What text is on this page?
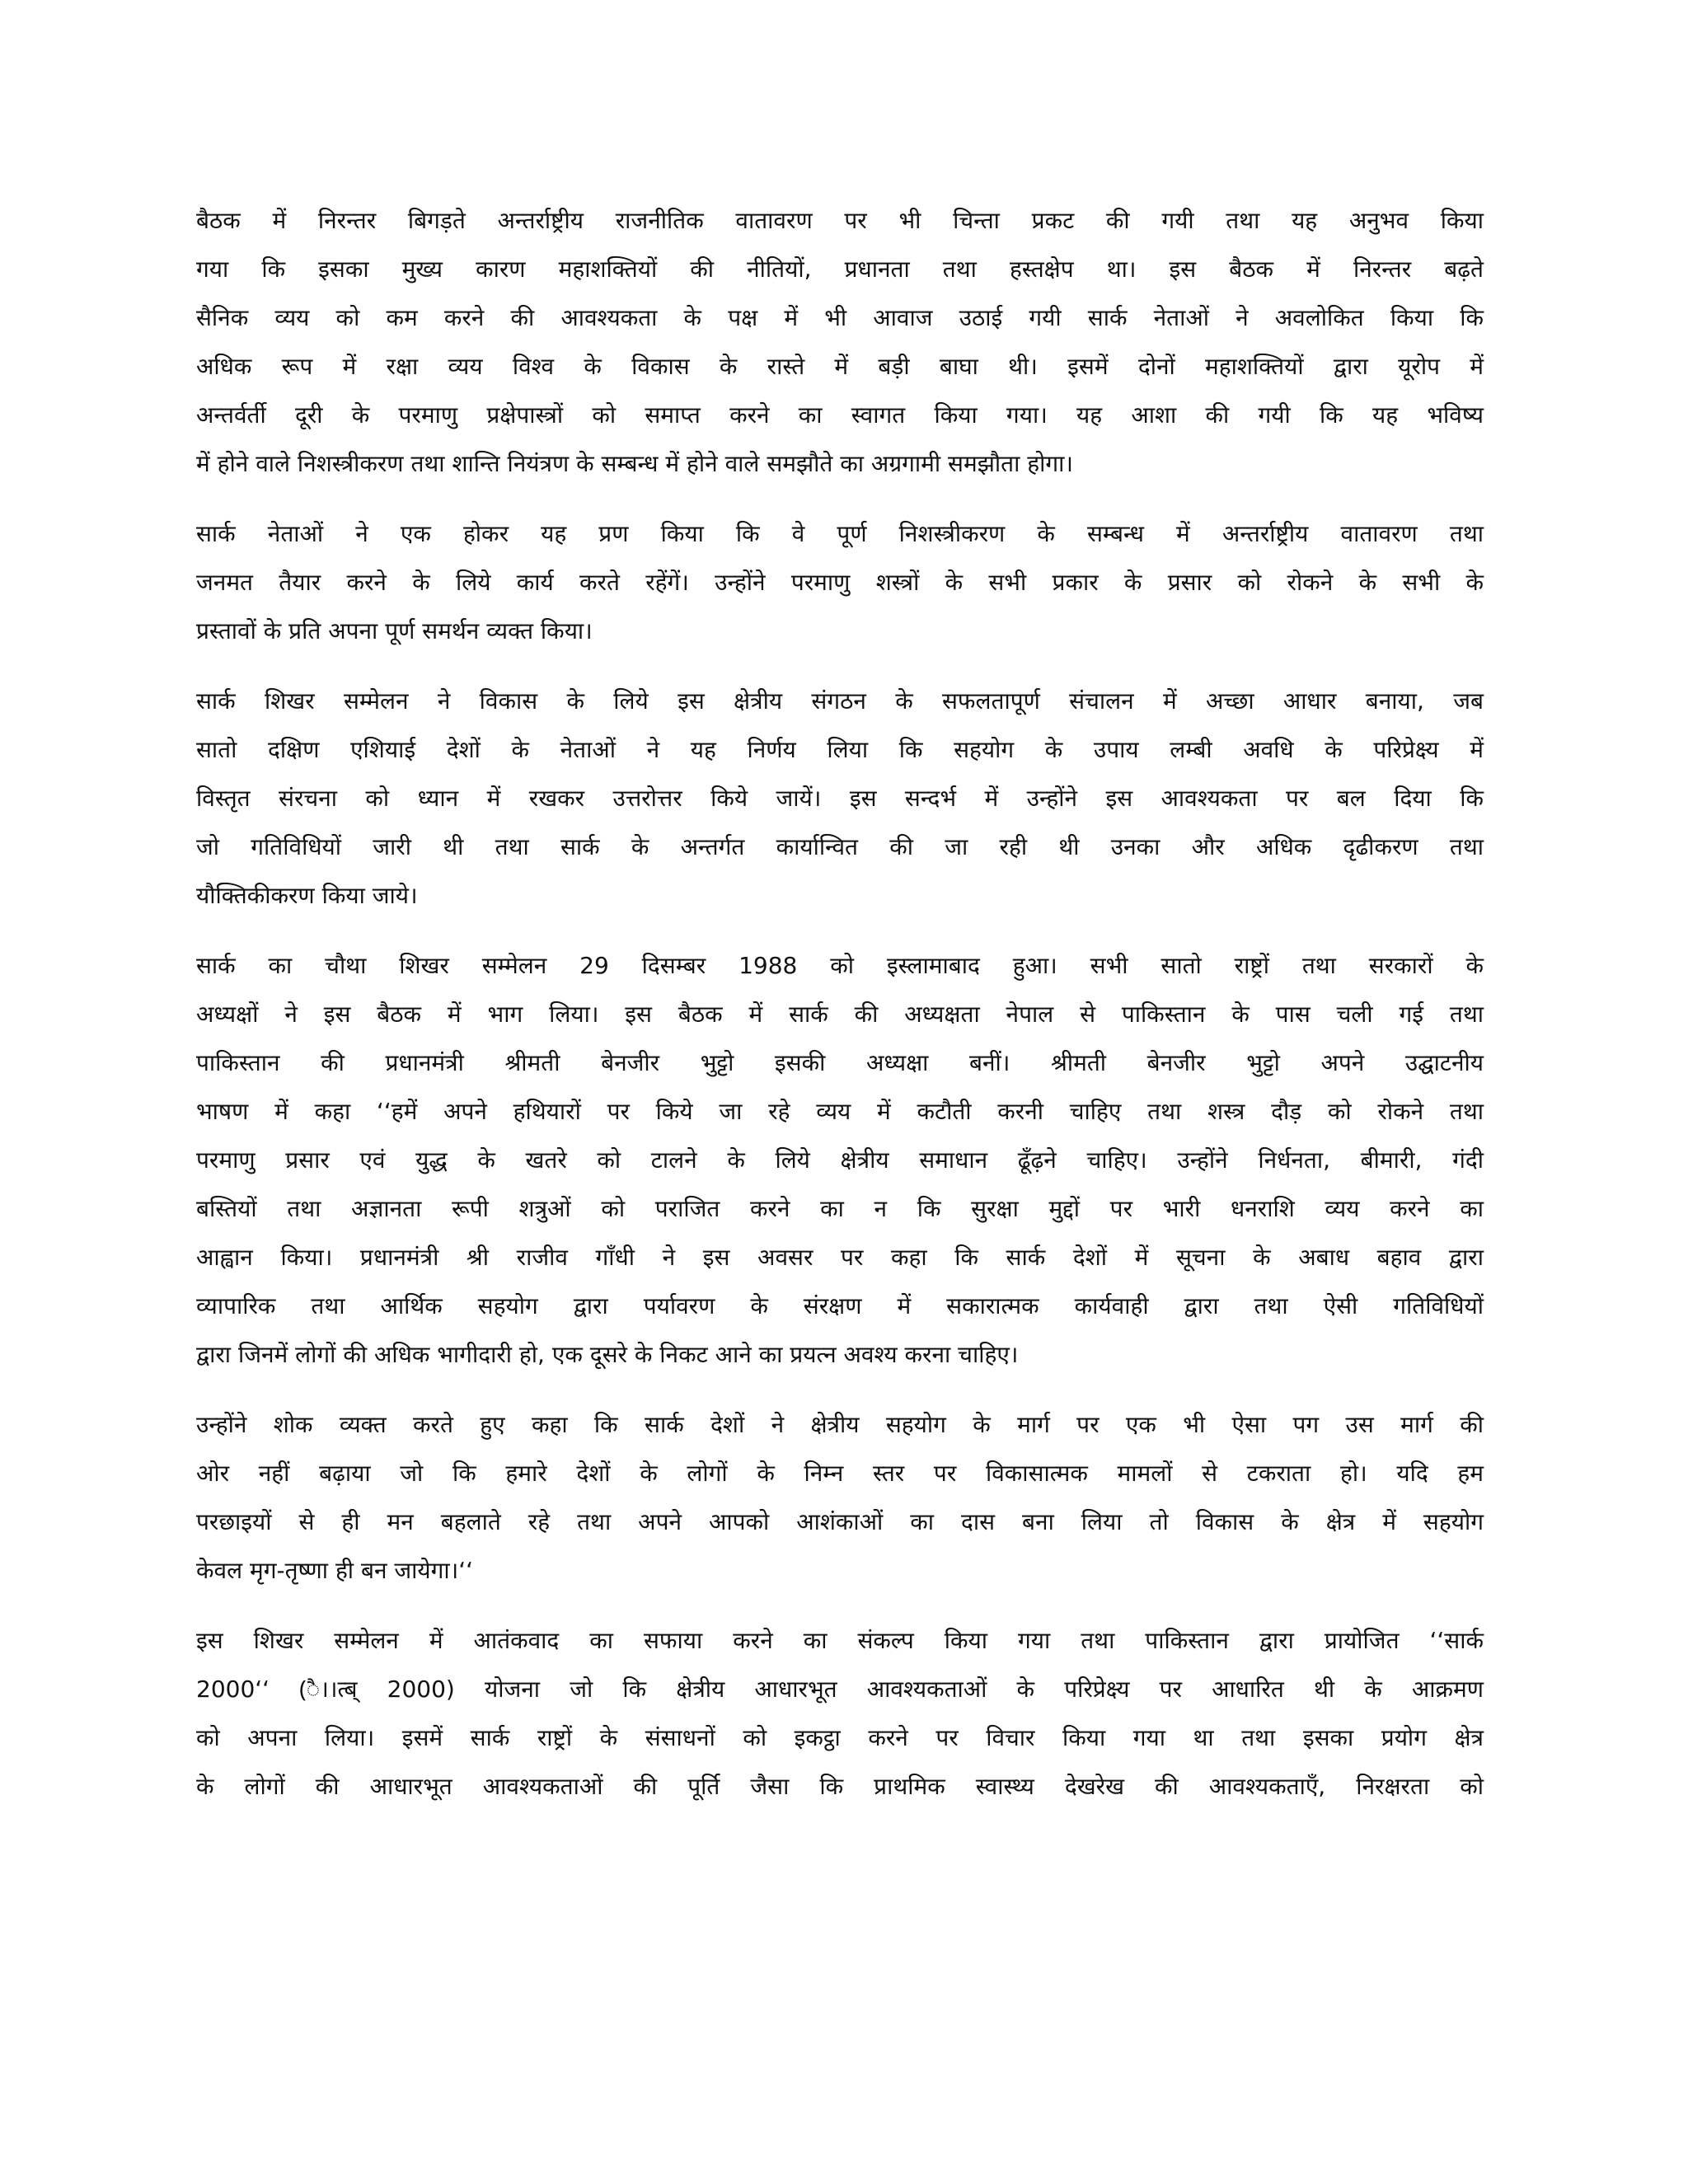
बैठक में निरन्तर बिगड़ते अन्तर्राष्ट्रीय राजनीतिक वातावरण पर भी चिन्ता प्रकट की गयी तथा यह अनुभव किया
गया कि इसका मुख्य कारण महाशक्तियों की नीतियों, प्रधानता तथा हस्तक्षेप था। इस बैठक में निरन्तर बढ़ते
सैनिक व्यय को कम करने की आवश्यकता के पक्ष में भी आवाज उठाई गयी सार्क नेताओं ने अवलोकित किया कि
अधिक रूप में रक्षा व्यय विश्व के विकास के रास्ते में बड़ी बाघा थी। इसमें दोनों महाशक्तियों द्वारा यूरोप में
अन्तर्वर्ती दूरी के परमाणु प्रक्षेपास्त्रों को समाप्त करने का स्वागत किया गया। यह आशा की गयी कि यह भविष्य
में होने वाले निशस्त्रीकरण तथा शान्ति नियंत्रण के सम्बन्ध में होने वाले समझौते का अग्रगामी समझौता होगा।
सार्क नेताओं ने एक होकर यह प्रण किया कि वे पूर्ण निशस्त्रीकरण के सम्बन्ध में अन्तर्राष्ट्रीय वातावरण तथा
जनमत तैयार करने के लिये कार्य करते रहेंगें। उन्होंने परमाणु शस्त्रों के सभी प्रकार के प्रसार को रोकने के सभी के
प्रस्तावों के प्रति अपना पूर्ण समर्थन व्यक्त किया।
सार्क शिखर सम्मेलन ने विकास के लिये इस क्षेत्रीय संगठन के सफलतापूर्ण संचालन में अच्छा आधार बनाया, जब
सातो दक्षिण एशियाई देशों के नेताओं ने यह निर्णय लिया कि सहयोग के उपाय लम्बी अवधि के परिप्रेक्ष्य में
विस्तृत संरचना को ध्यान में रखकर उत्तरोत्तर किये जायें। इस सन्दर्भ में उन्होंने इस आवश्यकता पर बल दिया कि
जो गतिविधियों जारी थी तथा सार्क के अन्तर्गत कार्यान्वित की जा रही थी उनका और अधिक दृढीकरण तथा
यौक्तिकीकरण किया जाये।
सार्क का चौथा शिखर सम्मेलन 29 दिसम्बर 1988 को इस्लामाबाद हुआ। सभी सातो राष्ट्रों तथा सरकारों के
अध्यक्षों ने इस बैठक में भाग लिया। इस बैठक में सार्क की अध्यक्षता नेपाल से पाकिस्तान के पास चली गई तथा
पाकिस्तान की प्रधानमंत्री श्रीमती बेनजीर भुट्टो इसकी अध्यक्षा बनीं। श्रीमती बेनजीर भुट्टो अपने उद्घाटनीय
भाषण में कहा ‘‘हमें अपने हथियारों पर किये जा रहे व्यय में कटौती करनी चाहिए तथा शस्त्र दौड़ को रोकने तथा
परमाणु प्रसार एवं युद्ध के खतरे को टालने के लिये क्षेत्रीय समाधान ढूँढ़ने चाहिए। उन्होंने निर्धनता, बीमारी, गंदी
बस्तियों तथा अज्ञानता रूपी शत्रुओं को पराजित करने का न कि सुरक्षा मुद्दों पर भारी धनराशि व्यय करने का
आह्वान किया। प्रधानमंत्री श्री राजीव गाँधी ने इस अवसर पर कहा कि सार्क देशों में सूचना के अबाध बहाव द्वारा
व्यापारिक तथा आर्थिक सहयोग द्वारा पर्यावरण के संरक्षण में सकारात्मक कार्यवाही द्वारा तथा ऐसी गतिविधियों
द्वारा जिनमें लोगों की अधिक भागीदारी हो, एक दूसरे के निकट आने का प्रयत्न अवश्य करना चाहिए।
उन्होंने शोक व्यक्त करते हुए कहा कि सार्क देशों ने क्षेत्रीय सहयोग के मार्ग पर एक भी ऐसा पग उस मार्ग की
ओर नहीं बढ़ाया जो कि हमारे देशों के लोगों के निम्न स्तर पर विकासात्मक मामलों से टकराता हो। यदि हम
परछाइयों से ही मन बहलाते रहे तथा अपने आपको आशंकाओं का दास बना लिया तो विकास के क्षेत्र में सहयोग
केवल मृग-तृष्णा ही बन जायेगा।‘‘
इस शिखर सम्मेलन में आतंकवाद का सफाया करने का संकल्प किया गया तथा पाकिस्तान द्वारा प्रायोजित ‘‘सार्क
2000‘‘ (ै।।त्ब् 2000) योजना जो कि क्षेत्रीय आधारभूत आवश्यकताओं के परिप्रेक्ष्य पर आधारित थी के आक्रमण
को अपना लिया। इसमें सार्क राष्ट्रों के संसाधनों को इकट्ठा करने पर विचार किया गया था तथा इसका प्रयोग क्षेत्र
के लोगों की आधारभूत आवश्यकताओं की पूर्ति जैसा कि प्राथमिक स्वास्थ्य देखरेख की आवश्यकताएँ, निरक्षरता को
